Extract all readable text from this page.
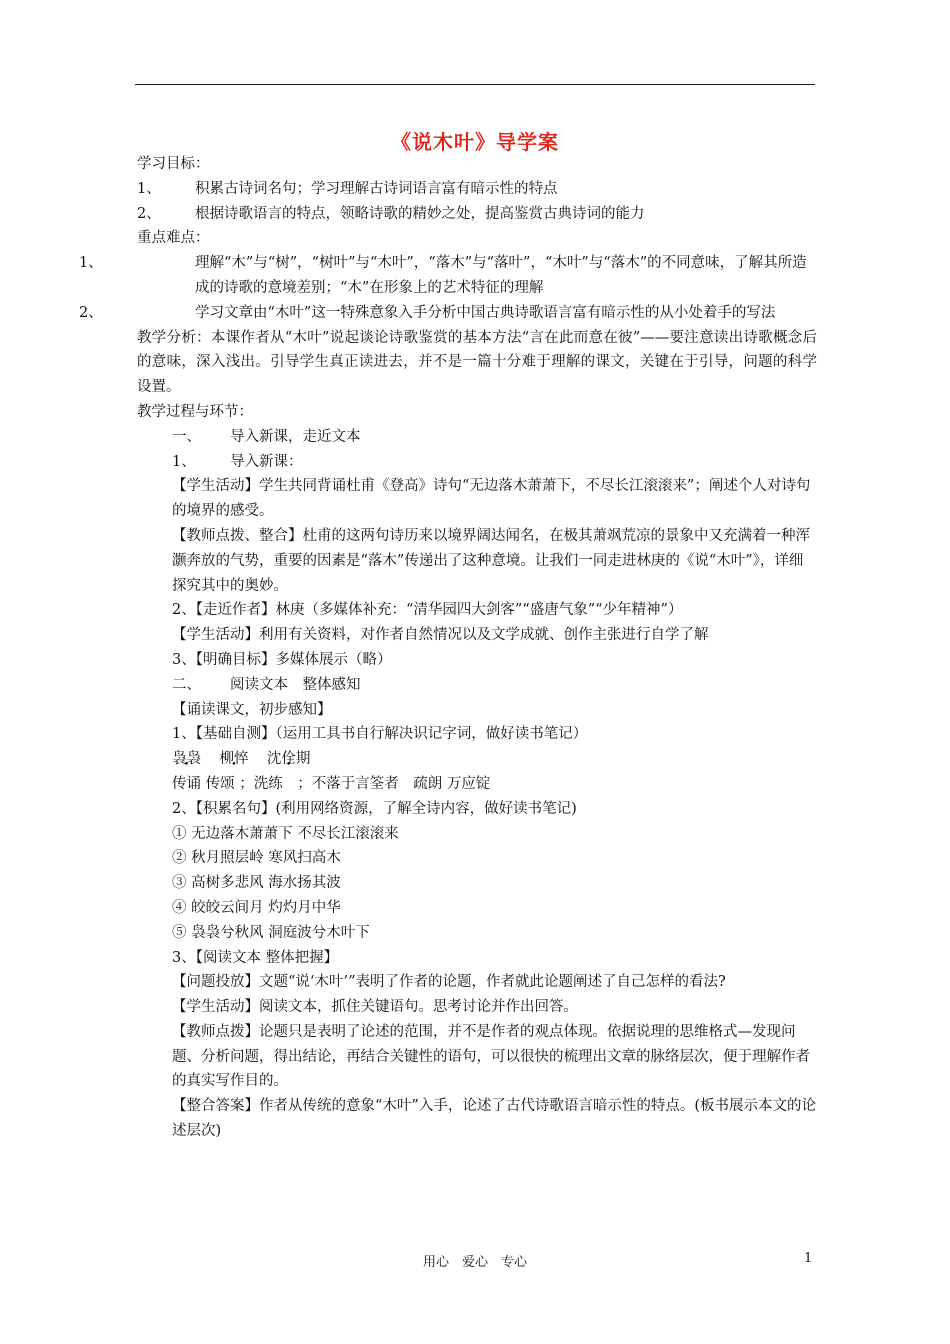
《说木叶》导学案
学习目标：
1、 积累古诗词名句；学习理解古诗词语言富有暗示性的特点
2、 根据诗歌语言的特点，领略诗歌的精妙之处，提高鉴赏古典诗词的能力
重点难点：
1、	理解“木”与“树”，“树叶”与“木叶”，“落木”与“落叶”，“木叶”与“落木”的不同意味，了解其所造成的诗歌的意境差别；“木”在形象上的艺术特征的理解
2、	学习文章由“木叶”这一特殊意象入手分析中国古典诗歌语言富有暗示性的从小处着手的写法
教学分析：本课作者从“木叶”说起谈论诗歌鉴赏的基本方法“言在此而意在彼”——要注意读出诗歌概念后的意味，深入浅出。引导学生真正读进去，并不是一篇十分难于理解的课文，关键在于引导，问题的科学设置。
教学过程与环节：
一、 导入新课，走近文本
1、 导入新课：
【学生活动】学生共同背诵杜甫《登高》诗句“无边落木萧萧下，不尽长江滚滚来”；阐述个人对诗句的境界的感受。
【教师点拨、整合】杜甫的这两句诗历来以境界阔达闻名，在极其萧飒荒凉的景象中又充满着一种浑灏奔放的气势，重要的因素是“落木”传递出了这种意境。让我们一同走进林庚的《说“木叶”》，详细探究其中的奥妙。
2、【走近作者】林庚（多媒体补充：“清华园四大剑客”“盛唐气象”“少年精神”）
【学生活动】利用有关资料，对作者自然情况以及文学成就、创作主张进行自学了解
3、【明确目标】多媒体展示（略）
二、 阅读文本　整体感知
【诵读课文，初步感知】
1、【基础自测】（运用工具书自行解决识记字词，做好读书笔记）
袅袅 柳悴 沈佺期
传诵 传颂 ；洗练　；不落于言筌者　疏朗 万应锭
2、【积累名句】(利用网络资源，了解全诗内容，做好读书笔记)
① 无边落木萧萧下 不尽长江滚滚来
② 秋月照层岭 寒风扫高木
③ 高树多悲风 海水扬其波
④ 皎皎云间月 灼灼月中华
⑤ 袅袅兮秋风 洞庭波兮木叶下
3、【阅读文本 整体把握】
【问题投放】文题“说‘木叶’”表明了作者的论题，作者就此论题阐述了自己怎样的看法?
【学生活动】阅读文本，抓住关键语句。思考讨论并作出回答。
【教师点拨】论题只是表明了论述的范围，并不是作者的观点体现。依据说理的思维格式—发现问题、分析问题，得出结论，再结合关键性的语句，可以很快的梳理出文章的脉络层次，便于理解作者的真实写作目的。
【整合答案】作者从传统的意象“木叶”入手，论述了古代诗歌语言暗示性的特点。(板书展示本文的论述层次)
用心　爱心　专心	1
